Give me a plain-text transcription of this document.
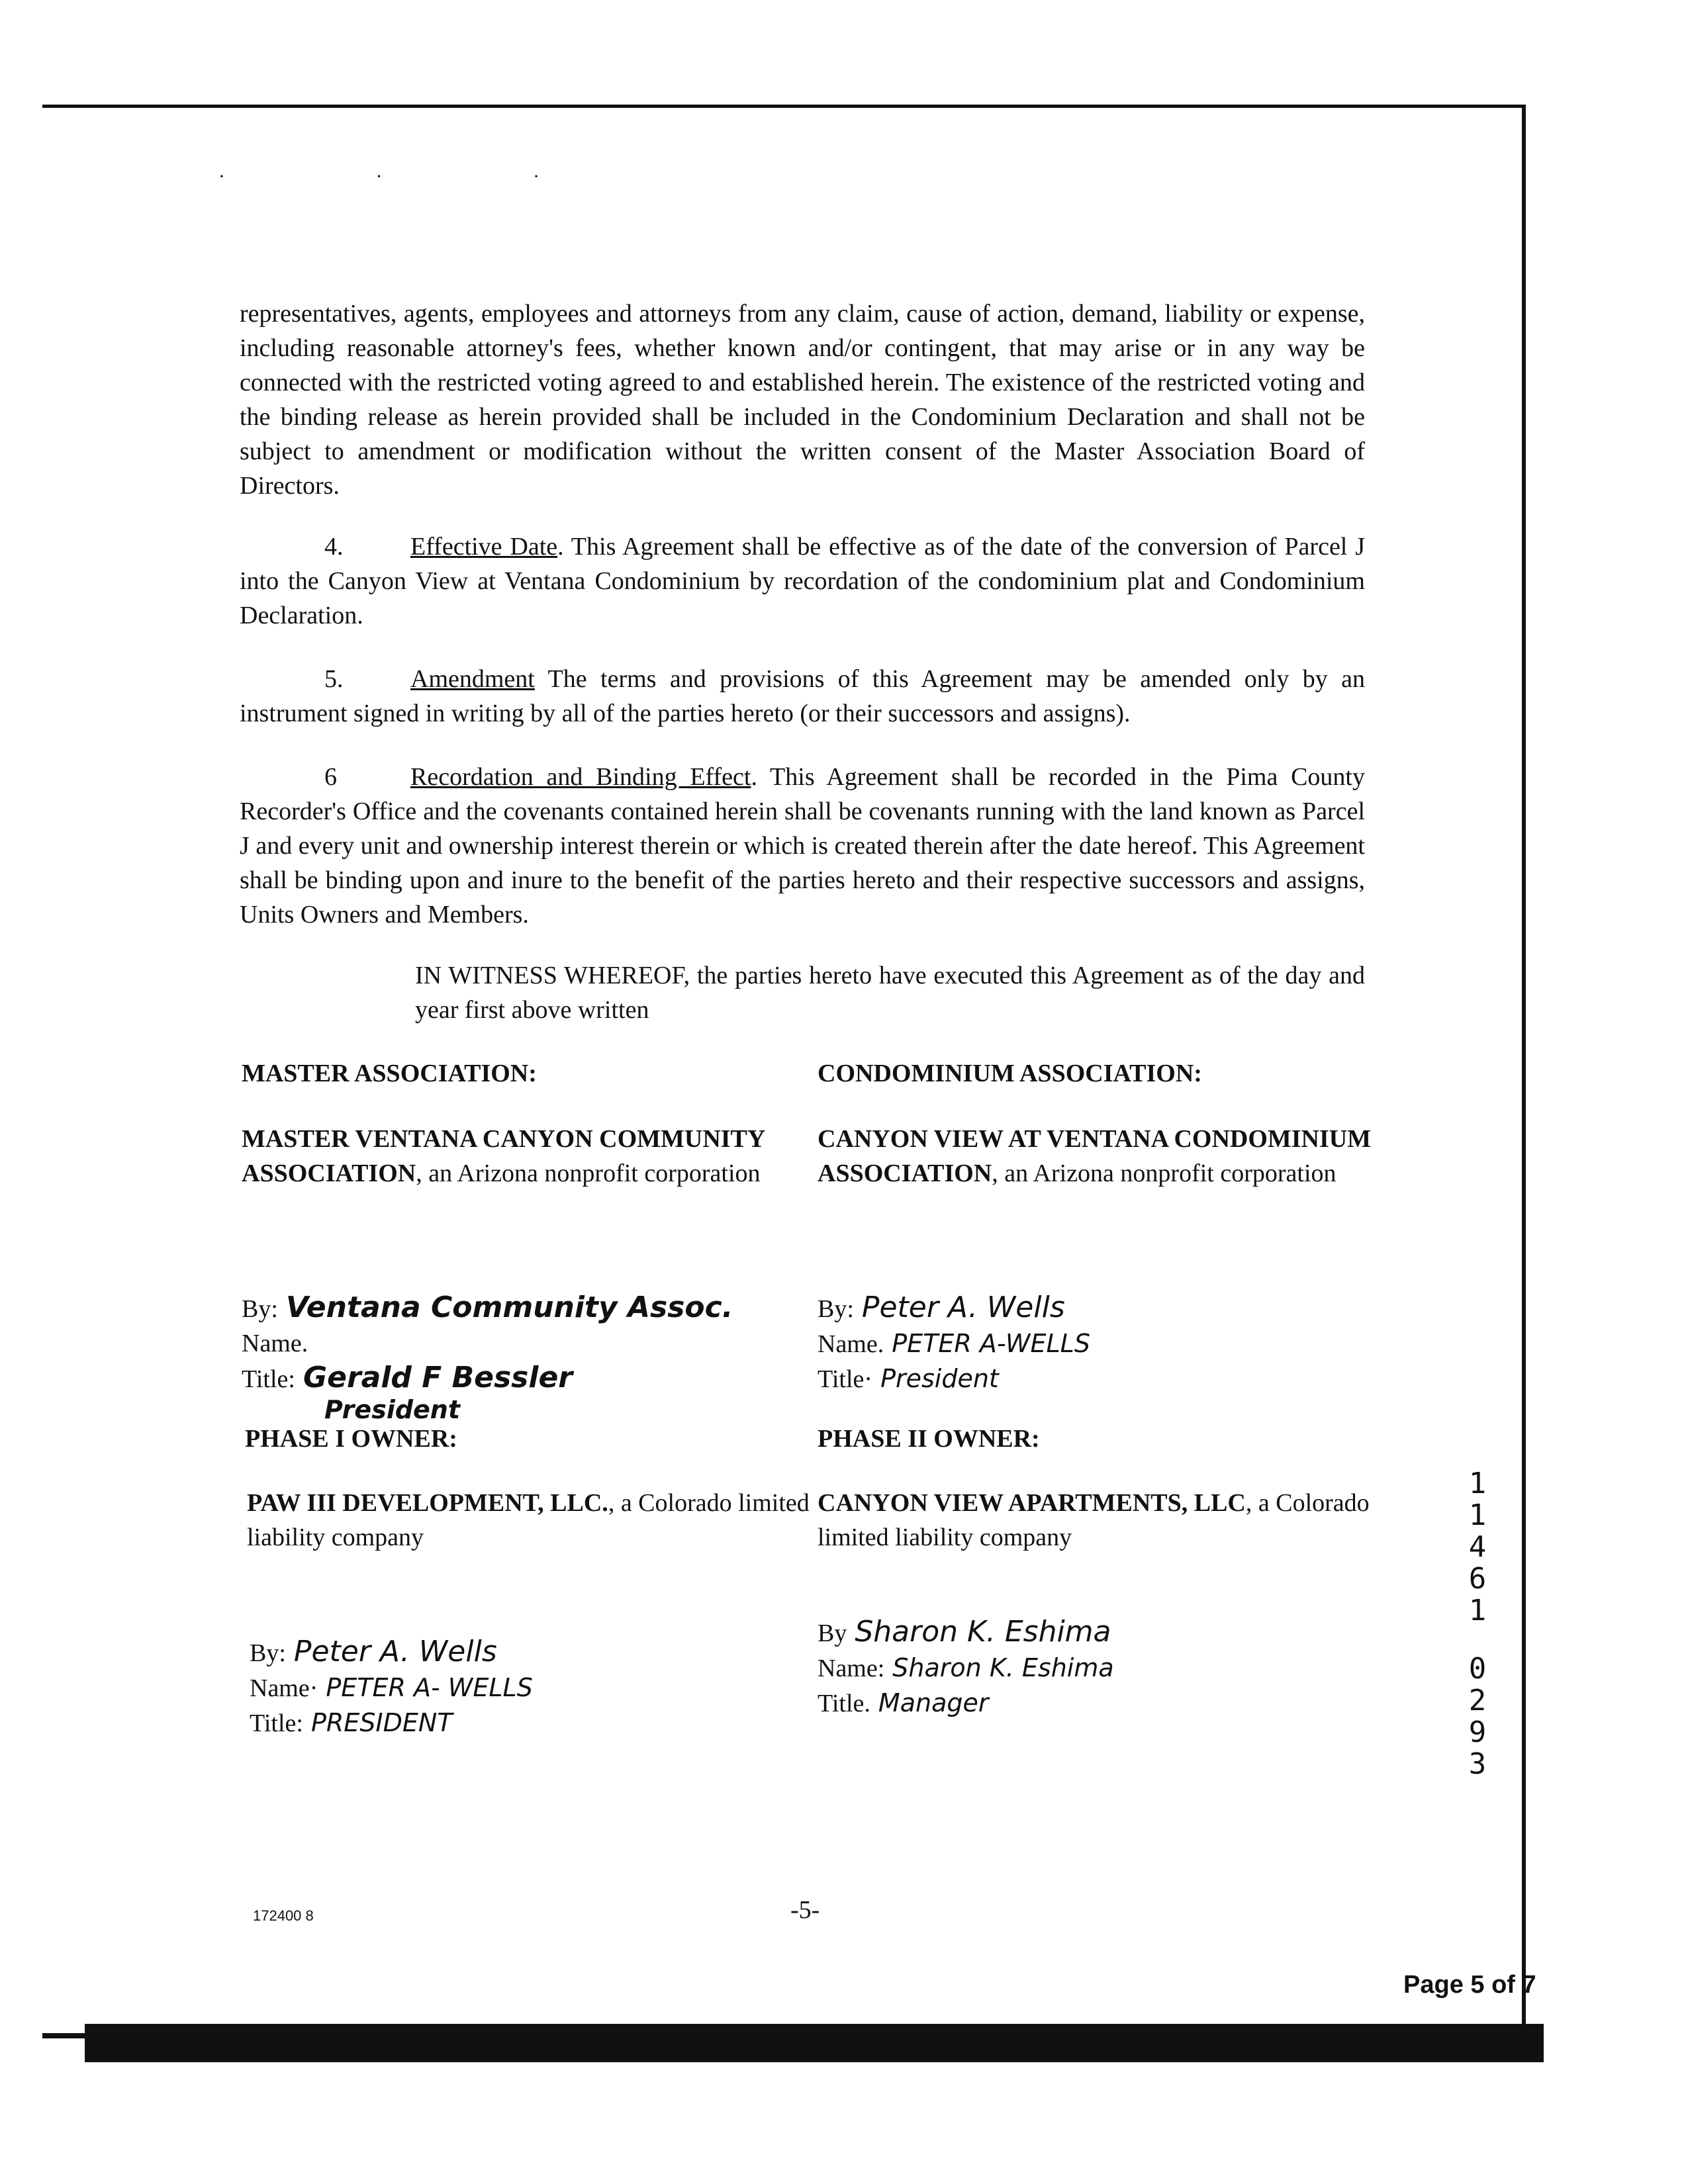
· · ·

representatives, agents, employees and attorneys from any claim, cause of action, demand, liability or expense, including reasonable attorney's fees, whether known and/or contingent, that may arise or in any way be connected with the restricted voting agreed to and established herein. The existence of the restricted voting and the binding release as herein provided shall be included in the Condominium Declaration and shall not be subject to amendment or modification without the written consent of the Master Association Board of Directors.

4.	Effective Date. This Agreement shall be effective as of the date of the conversion of Parcel J into the Canyon View at Ventana Condominium by recordation of the condominium plat and Condominium Declaration.

5.	Amendment The terms and provisions of this Agreement may be amended only by an instrument signed in writing by all of the parties hereto (or their successors and assigns).

6	Recordation and Binding Effect. This Agreement shall be recorded in the Pima County Recorder's Office and the covenants contained herein shall be covenants running with the land known as Parcel J and every unit and ownership interest therein or which is created therein after the date hereof. This Agreement shall be binding upon and inure to the benefit of the parties hereto and their respective successors and assigns, Units Owners and Members.

IN WITNESS WHEREOF, the parties hereto have executed this Agreement as of the day and year first above written

MASTER ASSOCIATION:
MASTER VENTANA CANYON COMMUNITY ASSOCIATION, an Arizona nonprofit corporation
By: Ventana Community Assoc.
Name.
Title: Gerald F Bessler
President
CONDOMINIUM ASSOCIATION:
CANYON VIEW AT VENTANA CONDOMINIUM ASSOCIATION, an Arizona nonprofit corporation
By: Peter A. Wells
Name. PETER A-WELLS
Title· President
PHASE I OWNER:
PAW III DEVELOPMENT, LLC., a Colorado limited liability company
By: Peter A. Wells
Name· PETER A- WELLS
Title: PRESIDENT
PHASE II OWNER:
CANYON VIEW APARTMENTS, LLC, a Colorado limited liability company
By Sharon K. Eshima
Name: Sharon K. Eshima
Title. Manager
1
1
4
6
1
0
2
9
3
172400 8	-5-
Page 5 of 7
